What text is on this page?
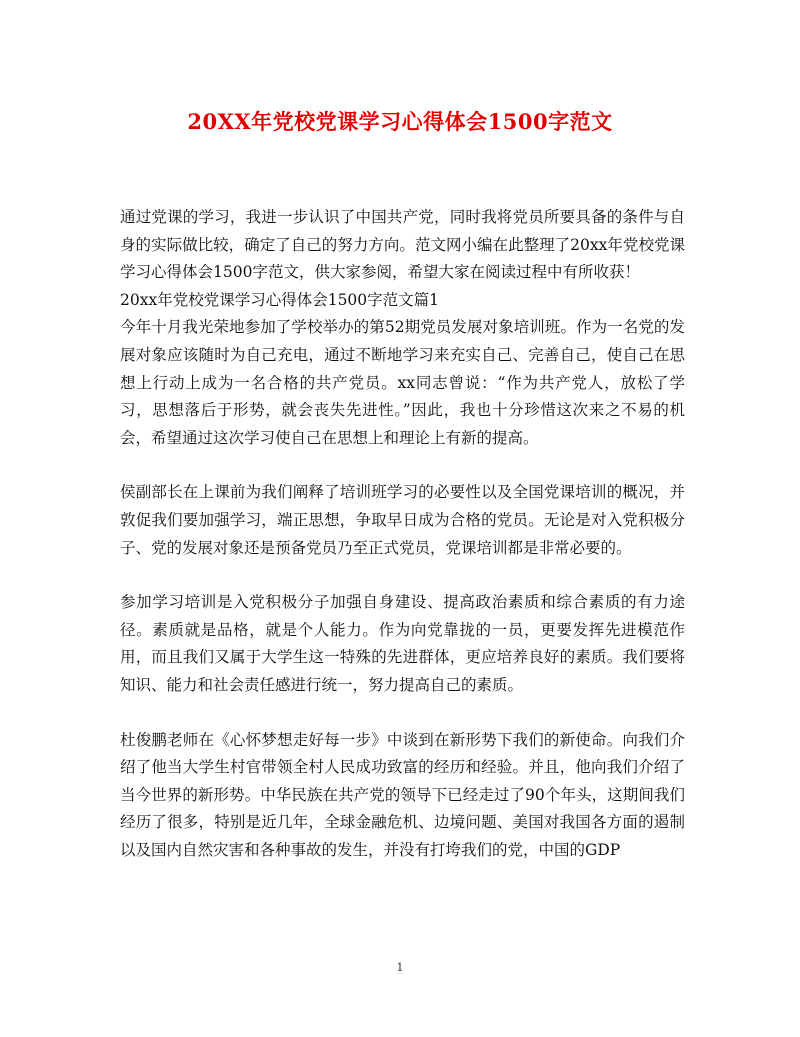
20XX年党校党课学习心得体会1500字范文

通过党课的学习，我进一步认识了中国共产党，同时我将党员所要具备的条件与自身的实际做比较，确定了自己的努力方向。范文网小编在此整理了20xx年党校党课学习心得体会1500字范文，供大家参阅，希望大家在阅读过程中有所收获！

20xx年党校党课学习心得体会1500字范文篇1

今年十月我光荣地参加了学校举办的第52期党员发展对象培训班。作为一名党的发展对象应该随时为自己充电，通过不断地学习来充实自己、完善自己，使自己在思想上行动上成为一名合格的共产党员。xx同志曾说：“作为共产党人，放松了学习，思想落后于形势，就会丧失先进性。”因此，我也十分珍惜这次来之不易的机会，希望通过这次学习使自己在思想上和理论上有新的提高。

侯副部长在上课前为我们阐释了培训班学习的必要性以及全国党课培训的概况，并敦促我们要加强学习，端正思想，争取早日成为合格的党员。无论是对入党积极分子、党的发展对象还是预备党员乃至正式党员，党课培训都是非常必要的。

参加学习培训是入党积极分子加强自身建设、提高政治素质和综合素质的有力途径。素质就是品格，就是个人能力。作为向党靠拢的一员，更要发挥先进模范作用，而且我们又属于大学生这一特殊的先进群体，更应培养良好的素质。我们要将知识、能力和社会责任感进行统一，努力提高自己的素质。

杜俊鹏老师在《心怀梦想走好每一步》中谈到在新形势下我们的新使命。向我们介绍了他当大学生村官带领全村人民成功致富的经历和经验。并且，他向我们介绍了当今世界的新形势。中华民族在共产党的领导下已经走过了90个年头，这期间我们经历了很多，特别是近几年，全球金融危机、边境问题、美国对我国各方面的遏制以及国内自然灾害和各种事故的发生，并没有打垮我们的党，中国的GDP

1
